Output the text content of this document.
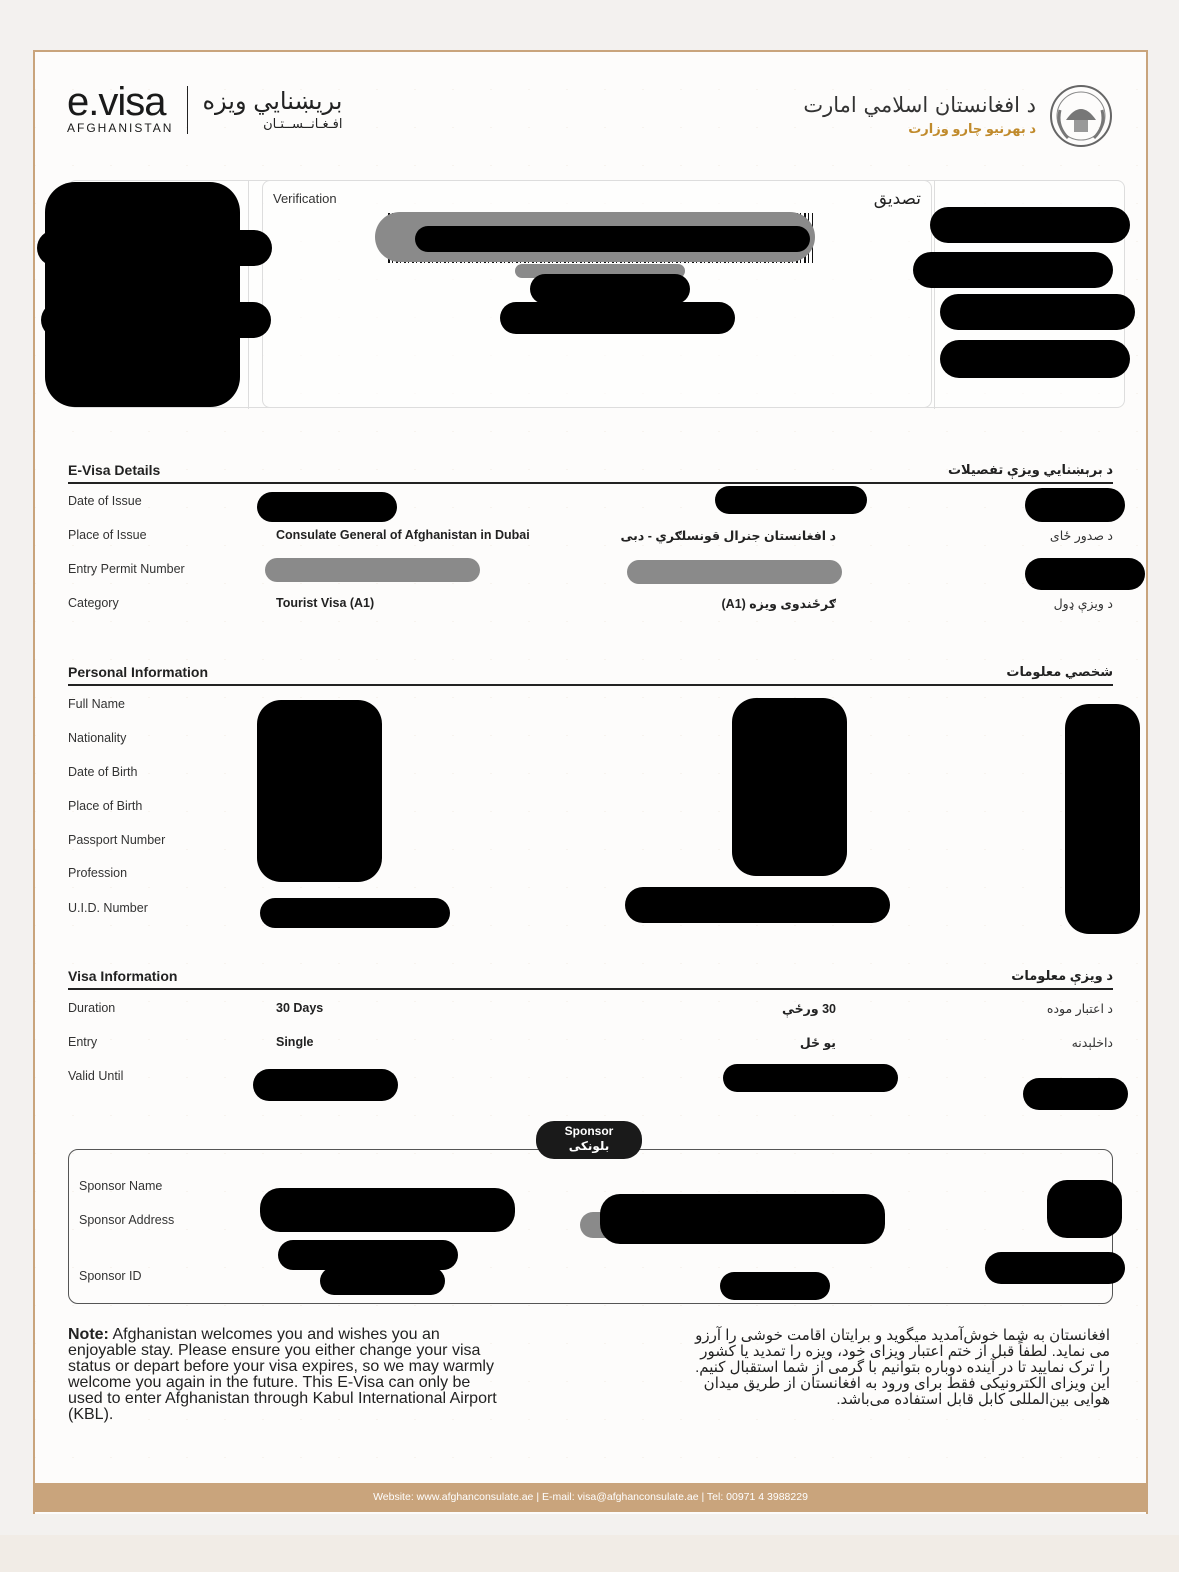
e.visa
AFGHANISTAN
بریښنايي ویزه
افـغـانــســتـان
د افغانستان اسلامي امارت
د بهرنیو چارو وزارت
Verification	تصديق
E-Visa Details	د برېښنايي ويزې تفصيلات
Date of Issue
Place of Issue	Consulate General of Afghanistan in Dubai	د افغانستان جنرال قونسلګري - دبی	د صدور ځای
Entry Permit Number
Category	Tourist Visa (A1)	ګرځندوی ویزه (A1)	د ويزې ډول
Personal Information	شخصي معلومات
Full Name
Nationality
Date of Birth
Place of Birth
Passport Number
Profession
U.I.D. Number
Visa Information	د ويزې معلومات
Duration	30 Days	30 ورځې	د اعتبار موده
Entry	Single	یو ځل	داخلېدنه
Valid Until
Sponsor
بلونکی
Sponsor Name
Sponsor Address
Sponsor ID
Note: Afghanistan welcomes you and wishes you an enjoyable stay. Please ensure you either change your visa status or depart before your visa expires, so we may warmly welcome you again in the future. This E-Visa can only be used to enter Afghanistan through Kabul International Airport (KBL).
افغانستان به شما خوش‌آمدید میگوید و برایتان اقامت خوشی را آرزو می نماید. لطفاً قبل از ختم اعتبار ویزای خود، ویزه را تمدید یا کشور را ترک نمایید تا در آینده دوباره بتوانیم با گرمی از شما استقبال کنیم. این ویزای الکترونیکی فقط برای ورود به افغانستان از طریق میدان هوایی بین‌المللی کابل قابل استفاده می‌باشد.
Website: www.afghanconsulate.ae | E-mail: visa@afghanconsulate.ae | Tel: 00971 4 3988229
